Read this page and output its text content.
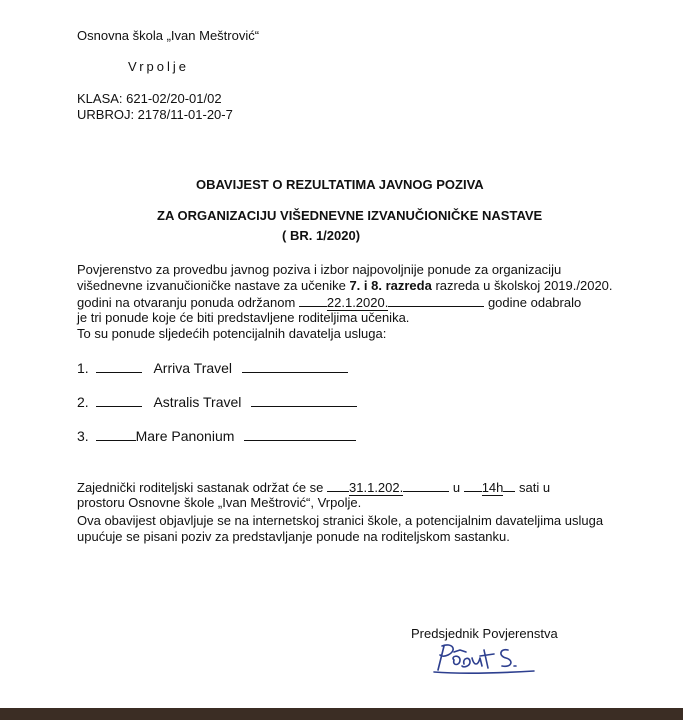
Osnovna škola „Ivan Meštrović“
Vrpolje
KLASA: 621-02/20-01/02
URBROJ: 2178/11-01-20-7
OBAVIJEST O REZULTATIMA JAVNOG POZIVA
ZA ORGANIZACIJU VIŠEDNEVNE IZVANUČIONIČKE NASTAVE
( BR. 1/2020)
Povjerenstvo za provedbu javnog poziva i izbor najpovoljnije ponude za organizaciju
višednevne izvanučioničke nastave za učenike 7. i 8. razreda razreda u školskoj 2019./2020.
godini na otvaranju ponuda održanom 22.1.2020.	godine odabralo
je tri ponude koje će biti predstavljene roditeljima učenika.
To su ponude sljedećih potencijalnih davatelja usluga:
1.	Arriva Travel
2.	Astralis Travel
3.	Mare Panonium
Zajednički roditeljski sastanak održat će se 31.1.202.	u 14h sati u
prostoru Osnovne škole „Ivan Meštrović“, Vrpolje.
Ova obavijest objavljuje se na internetskoj stranici škole, a potencijalnim davateljima usluga
upućuje se pisani poziv za predstavljanje ponude na roditeljskom sastanku.
Predsjednik Povjerenstva
